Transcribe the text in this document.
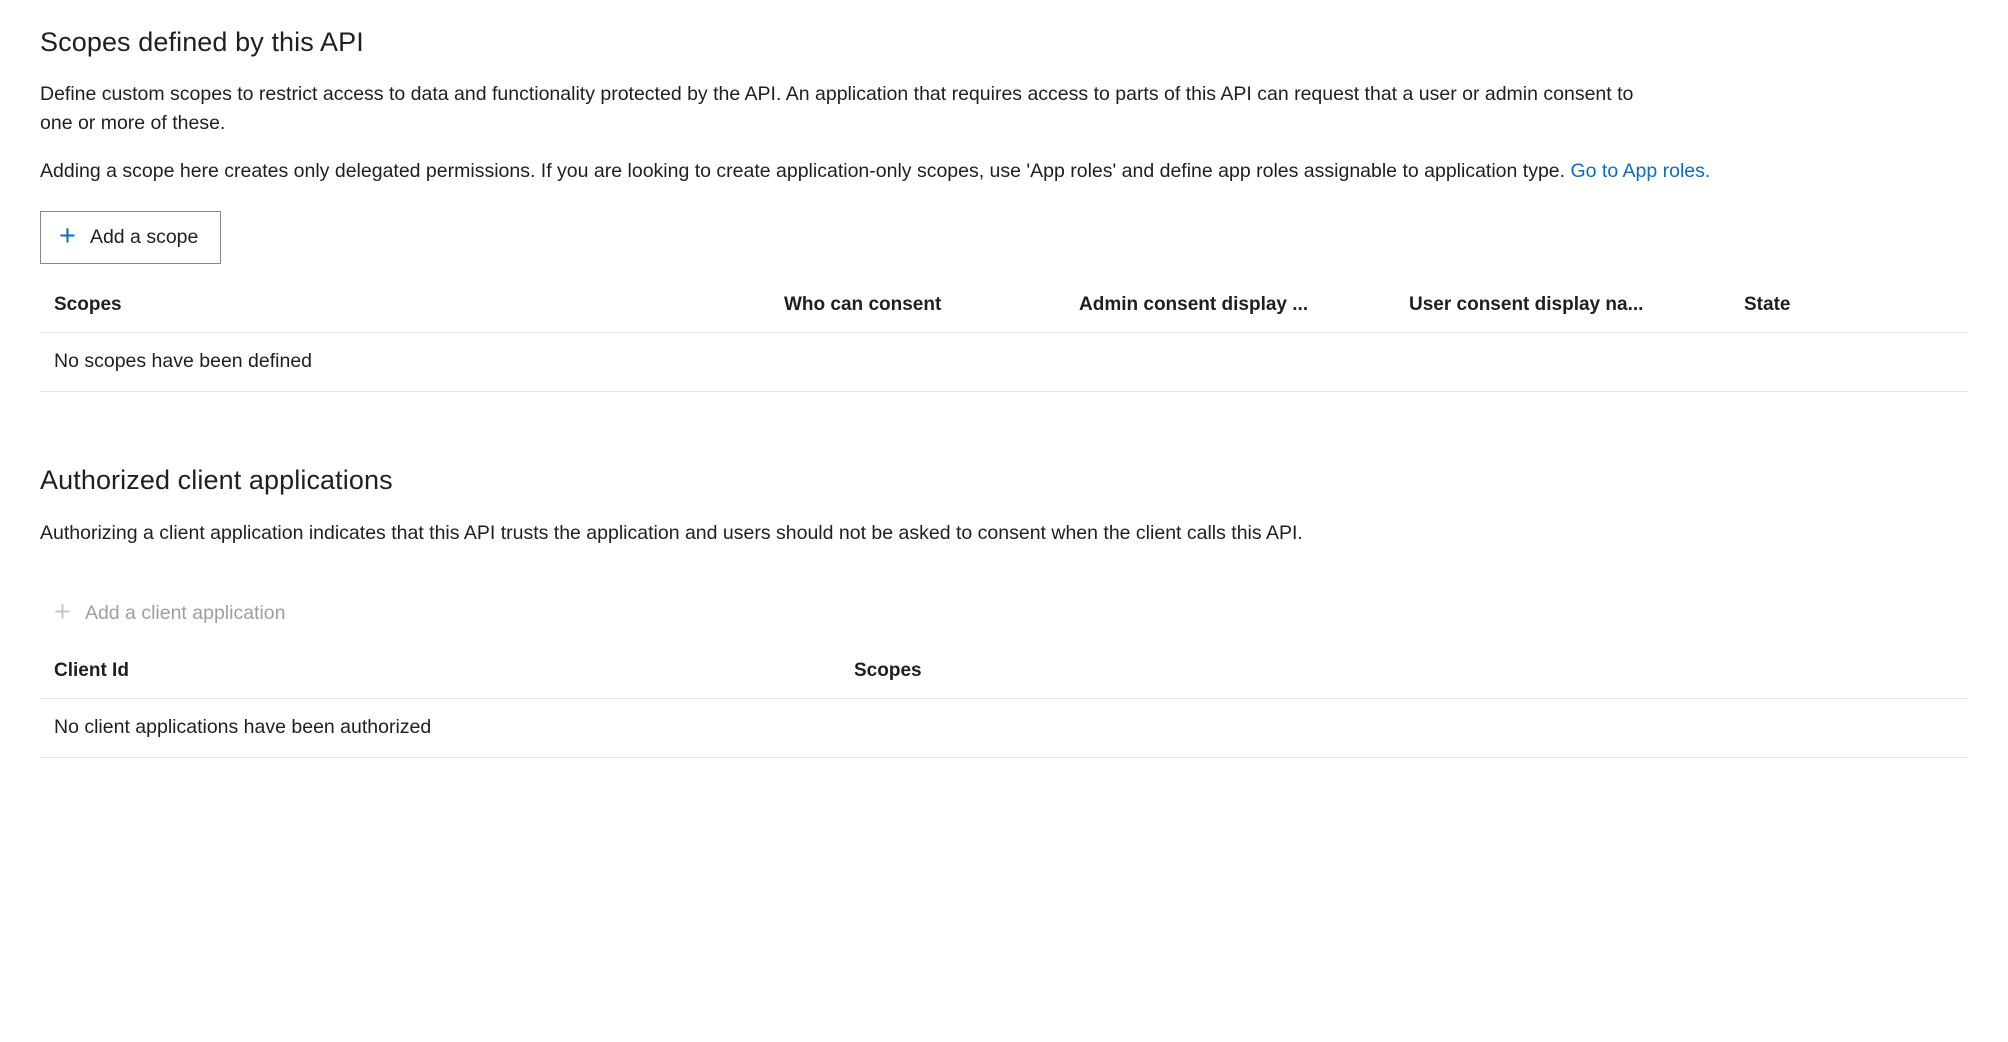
Scopes defined by this API

Define custom scopes to restrict access to data and functionality protected by the API. An application that requires access to parts of this API can request that a user or admin consent to one or more of these.

Adding a scope here creates only delegated permissions. If you are looking to create application-only scopes, use 'App roles' and define app roles assignable to application type. Go to App roles.

+ Add a scope
Scopes	Who can consent	Admin consent display ...	User consent display na...	State
No scopes have been defined
Authorized client applications

Authorizing a client application indicates that this API trusts the application and users should not be asked to consent when the client calls this API.

+ Add a client application
Client Id	Scopes
No client applications have been authorized
